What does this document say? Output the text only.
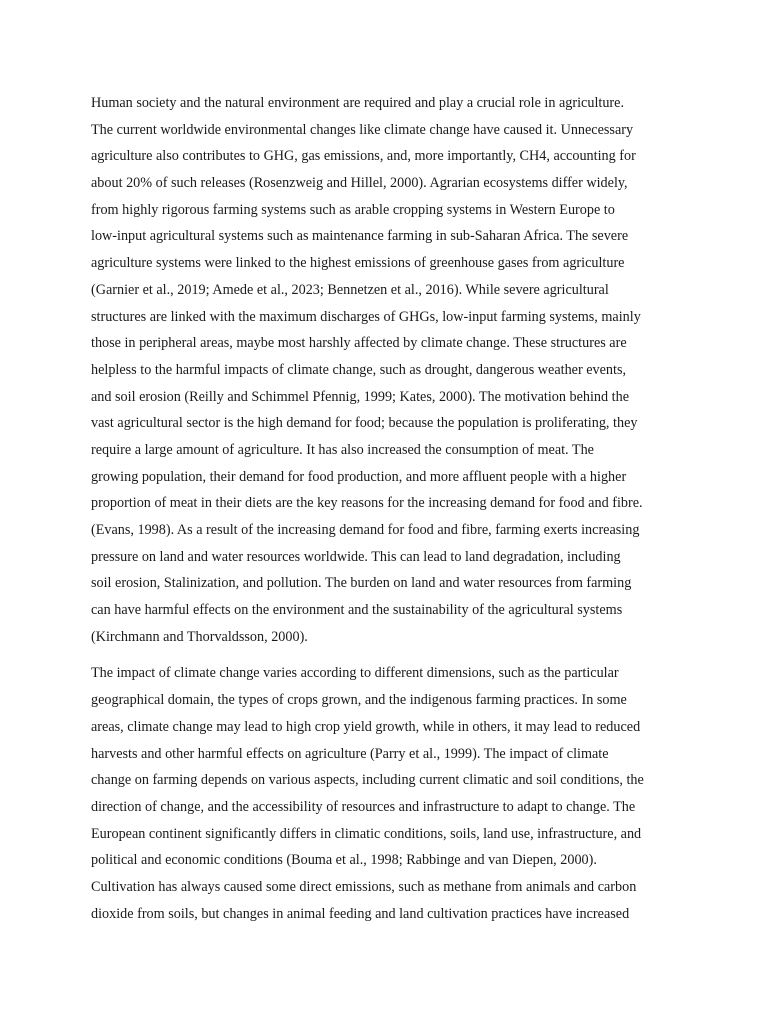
Human society and the natural environment are required and play a crucial role in agriculture.
The current worldwide environmental changes like climate change have caused it. Unnecessary
agriculture also contributes to GHG, gas emissions, and, more importantly, CH4, accounting for
about 20% of such releases (Rosenzweig and Hillel, 2000). Agrarian ecosystems differ widely,
from highly rigorous farming systems such as arable cropping systems in Western Europe to
low-input agricultural systems such as maintenance farming in sub-Saharan Africa. The severe
agriculture systems were linked to the highest emissions of greenhouse gases from agriculture
(Garnier et al., 2019; Amede et al., 2023; Bennetzen et al., 2016). While severe agricultural
structures are linked with the maximum discharges of GHGs, low-input farming systems, mainly
those in peripheral areas, maybe most harshly affected by climate change. These structures are
helpless to the harmful impacts of climate change, such as drought, dangerous weather events,
and soil erosion (Reilly and Schimmel Pfennig, 1999; Kates, 2000). The motivation behind the
vast agricultural sector is the high demand for food; because the population is proliferating, they
require a large amount of agriculture. It has also increased the consumption of meat. The
growing population, their demand for food production, and more affluent people with a higher
proportion of meat in their diets are the key reasons for the increasing demand for food and fibre.
(Evans, 1998). As a result of the increasing demand for food and fibre, farming exerts increasing
pressure on land and water resources worldwide. This can lead to land degradation, including
soil erosion, Stalinization, and pollution. The burden on land and water resources from farming
can have harmful effects on the environment and the sustainability of the agricultural systems
(Kirchmann and Thorvaldsson, 2000).

The impact of climate change varies according to different dimensions, such as the particular
geographical domain, the types of crops grown, and the indigenous farming practices. In some
areas, climate change may lead to high crop yield growth, while in others, it may lead to reduced
harvests and other harmful effects on agriculture (Parry et al., 1999). The impact of climate
change on farming depends on various aspects, including current climatic and soil conditions, the
direction of change, and the accessibility of resources and infrastructure to adapt to change. The
European continent significantly differs in climatic conditions, soils, land use, infrastructure, and
political and economic conditions (Bouma et al., 1998; Rabbinge and van Diepen, 2000).
Cultivation has always caused some direct emissions, such as methane from animals and carbon
dioxide from soils, but changes in animal feeding and land cultivation practices have increased
